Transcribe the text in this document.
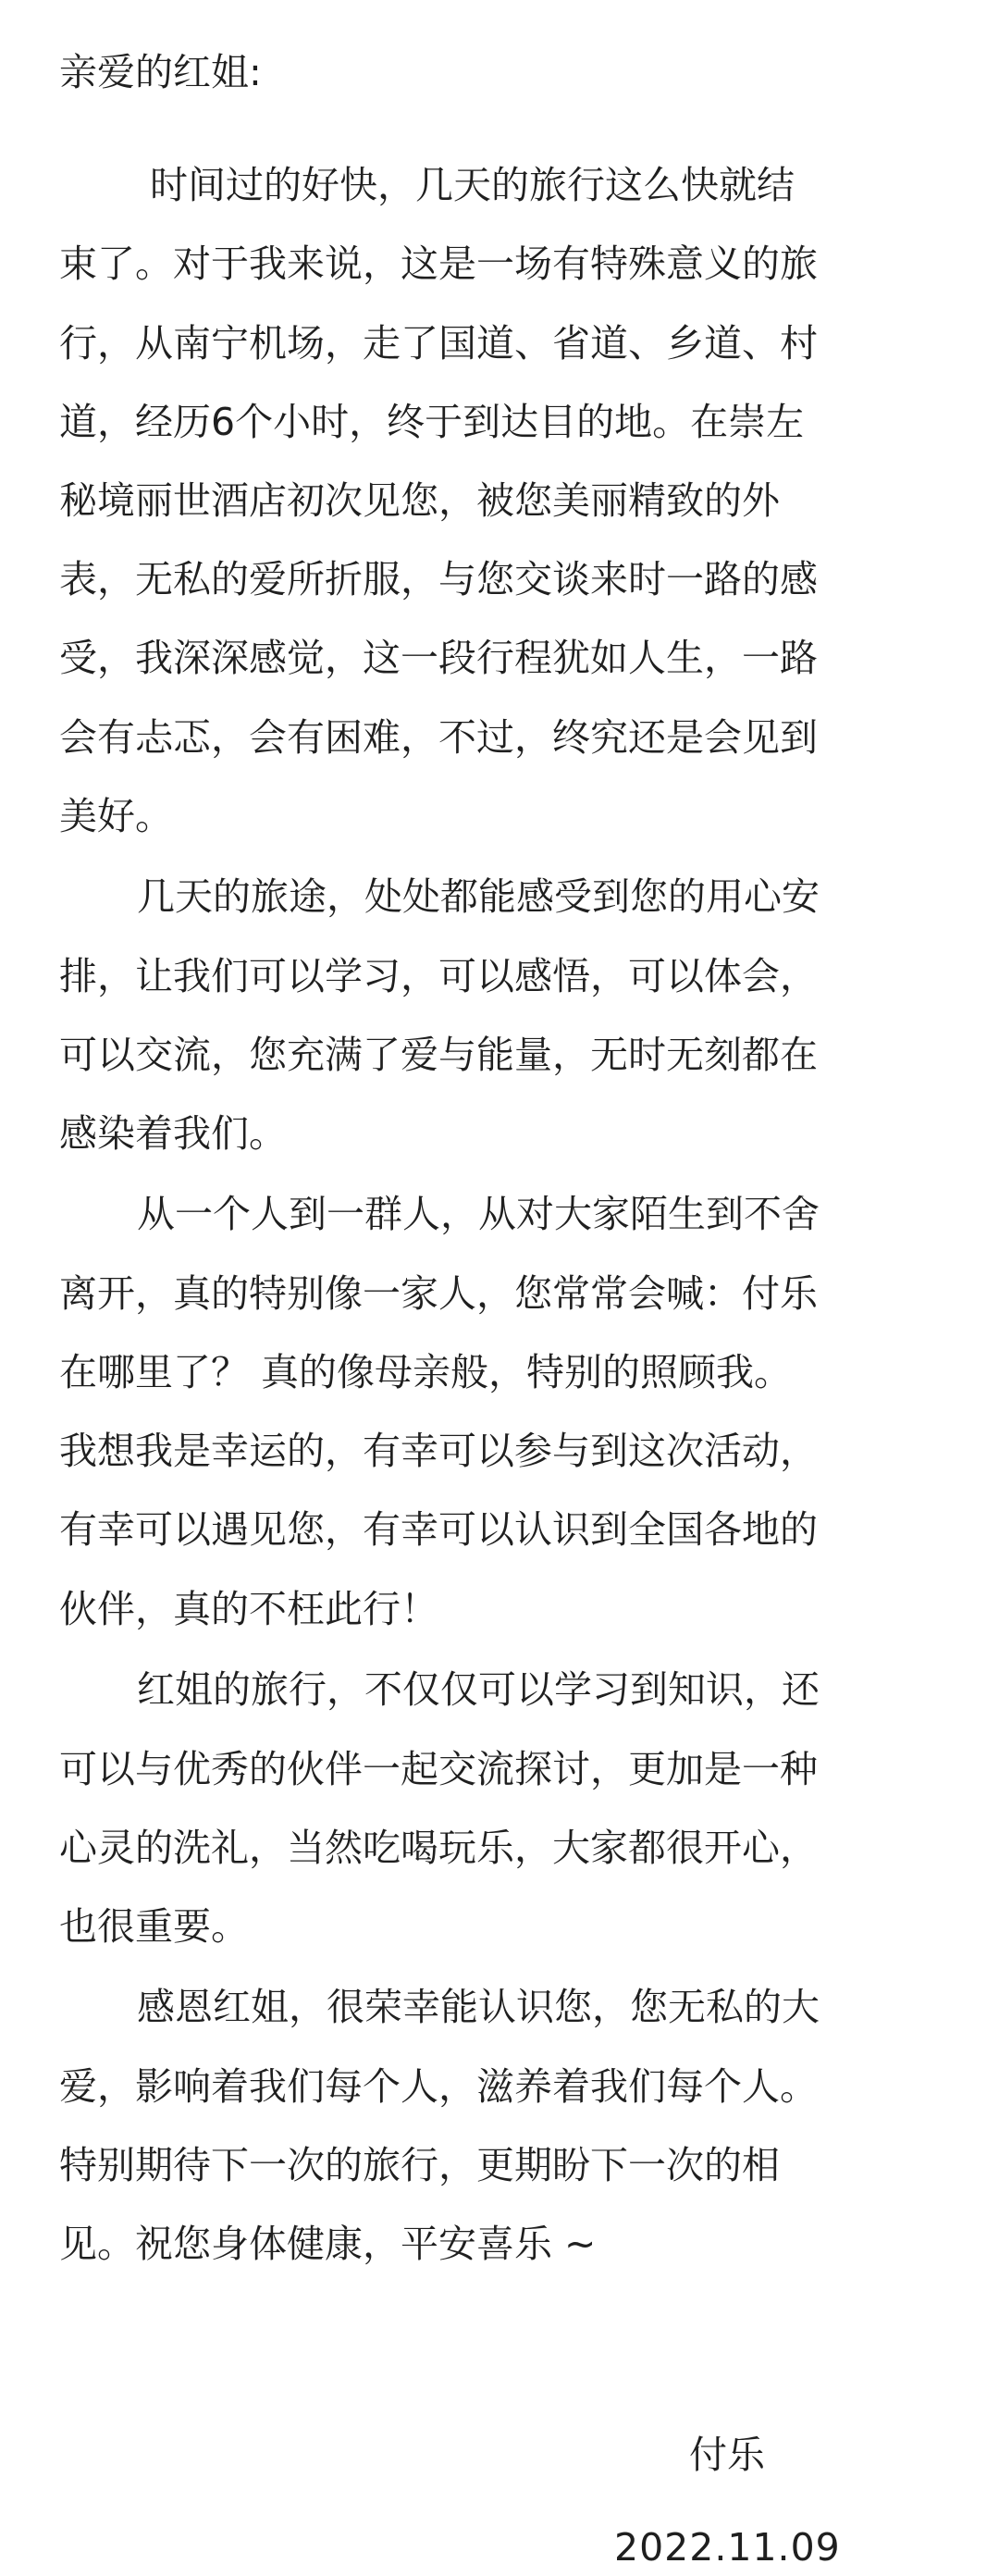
亲爱的红姐:
时间过的好快，几天的旅行这么快就结
束了。对于我来说，这是一场有特殊意义的旅
行，从南宁机场，走了国道、省道、乡道、村
道，经历6个小时，终于到达目的地。在崇左
秘境丽世酒店初次见您，被您美丽精致的外
表，无私的爱所折服，与您交谈来时一路的感
受，我深深感觉，这一段行程犹如人生，一路
会有忐忑，会有困难，不过，终究还是会见到
美好。
几天的旅途，处处都能感受到您的用心安
排，让我们可以学习，可以感悟，可以体会，
可以交流，您充满了爱与能量，无时无刻都在
感染着我们。
从一个人到一群人，从对大家陌生到不舍
离开，真的特别像一家人，您常常会喊：付乐
在哪里了？ 真的像母亲般，特别的照顾我。
我想我是幸运的，有幸可以参与到这次活动，
有幸可以遇见您，有幸可以认识到全国各地的
伙伴，真的不枉此行！
红姐的旅行，不仅仅可以学习到知识，还
可以与优秀的伙伴一起交流探讨，更加是一种
心灵的洗礼，当然吃喝玩乐，大家都很开心，
也很重要。
感恩红姐，很荣幸能认识您，您无私的大
爱，影响着我们每个人，滋养着我们每个人。
特别期待下一次的旅行，更期盼下一次的相
见。祝您身体健康，平安喜乐 ~
付乐
2022.11.09
